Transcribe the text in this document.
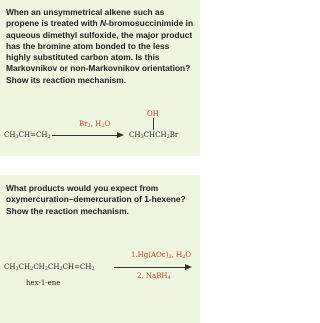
When an unsymmetrical alkene such as propene is treated with N-bromosuccinimide in aqueous dimethyl sulfoxide, the major product has the bromine atom bonded to the less highly substituted carbon atom. Is this Markovnikov or non-Markovnikov orientation? Show its reaction mechanism.

$CH_3CH=CH_2$
$Br_2$, $H_2O$
OH
$CH_3CHCH_2Br$

What products would you expect from oxymercuration–demercuration of 1-hexene? Show the reaction mechanism.

$CH_3CH_2CH_2CH_2CH=CH_2$
hex-1-ene
$1.Hg(AOc)_2$, $H_2O$
2. NaBH$_4$
